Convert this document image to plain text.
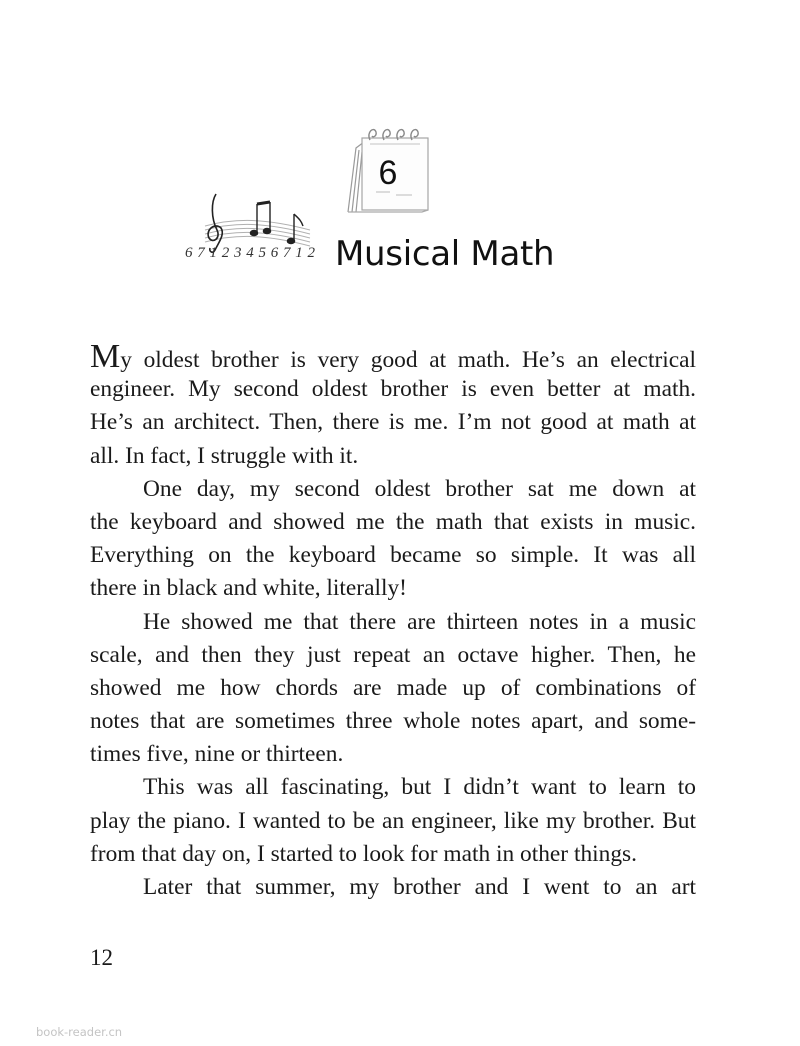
6
6 7 1 2 3 4 5 6 7 1 2 Musical Math

My oldest brother is very good at math. He’s an electrical
engineer. My second oldest brother is even better at math.
He’s an architect. Then, there is me. I’m not good at math at
all. In fact, I struggle with it.

One day, my second oldest brother sat me down at
the keyboard and showed me the math that exists in music.
Everything on the keyboard became so simple. It was all
there in black and white, literally!

He showed me that there are thirteen notes in a music
scale, and then they just repeat an octave higher. Then, he
showed me how chords are made up of combinations of
notes that are sometimes three whole notes apart, and some-
times five, nine or thirteen.

This was all fascinating, but I didn’t want to learn to
play the piano. I wanted to be an engineer, like my brother. But
from that day on, I started to look for math in other things.

Later that summer, my brother and I went to an art

12
book-reader.cn
